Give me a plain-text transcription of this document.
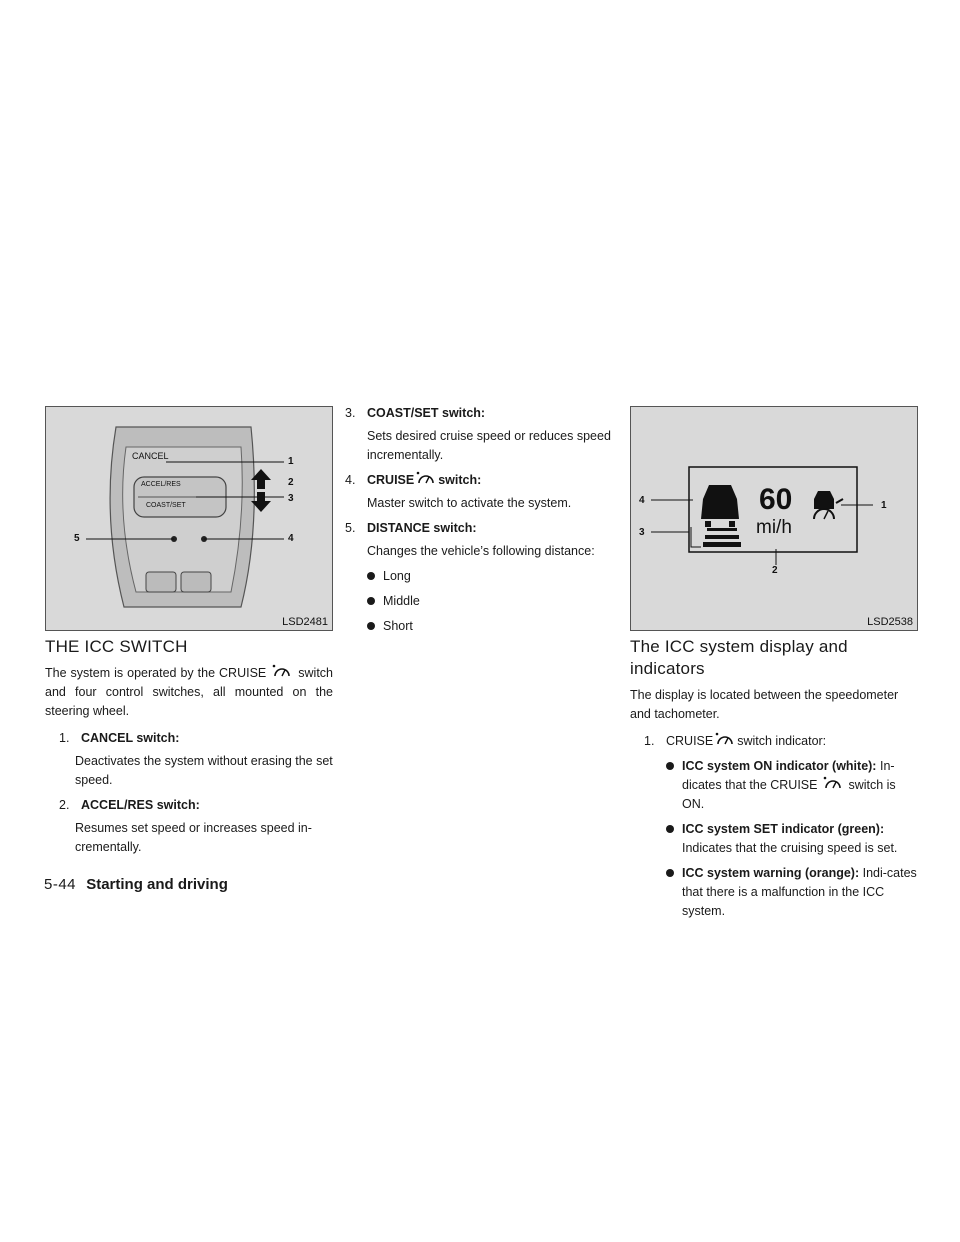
CANCEL
ACCEL/RES
COAST/SET
1
2
3
4
5
LSD2481
60
mi/h
1
2
3
4
LSD2538
THE ICC SWITCH

The system is operated by the CRUISE	switch and four control switches, all mounted on the steering wheel.

1. CANCEL switch:
Deactivates the system without erasing the set speed.
2. ACCEL/RES switch:
Resumes set speed or increases speed in-crementally.
3. COAST/SET switch:
Sets desired cruise speed or reduces speed incrementally.
4. CRUISE switch:
Master switch to activate the system.
5. DISTANCE switch:
Changes the vehicle’s following distance:
Long
Middle
Short
The ICC system display and indicators

The display is located between the speedometer and tachometer.

1. CRUISE switch indicator:
ICC system ON indicator (white): In-dicates that the CRUISE switch is ON.
ICC system SET indicator (green): Indicates that the cruising speed is set.
ICC system warning (orange): Indi-cates that there is a malfunction in the ICC system.
5-44 Starting and driving
